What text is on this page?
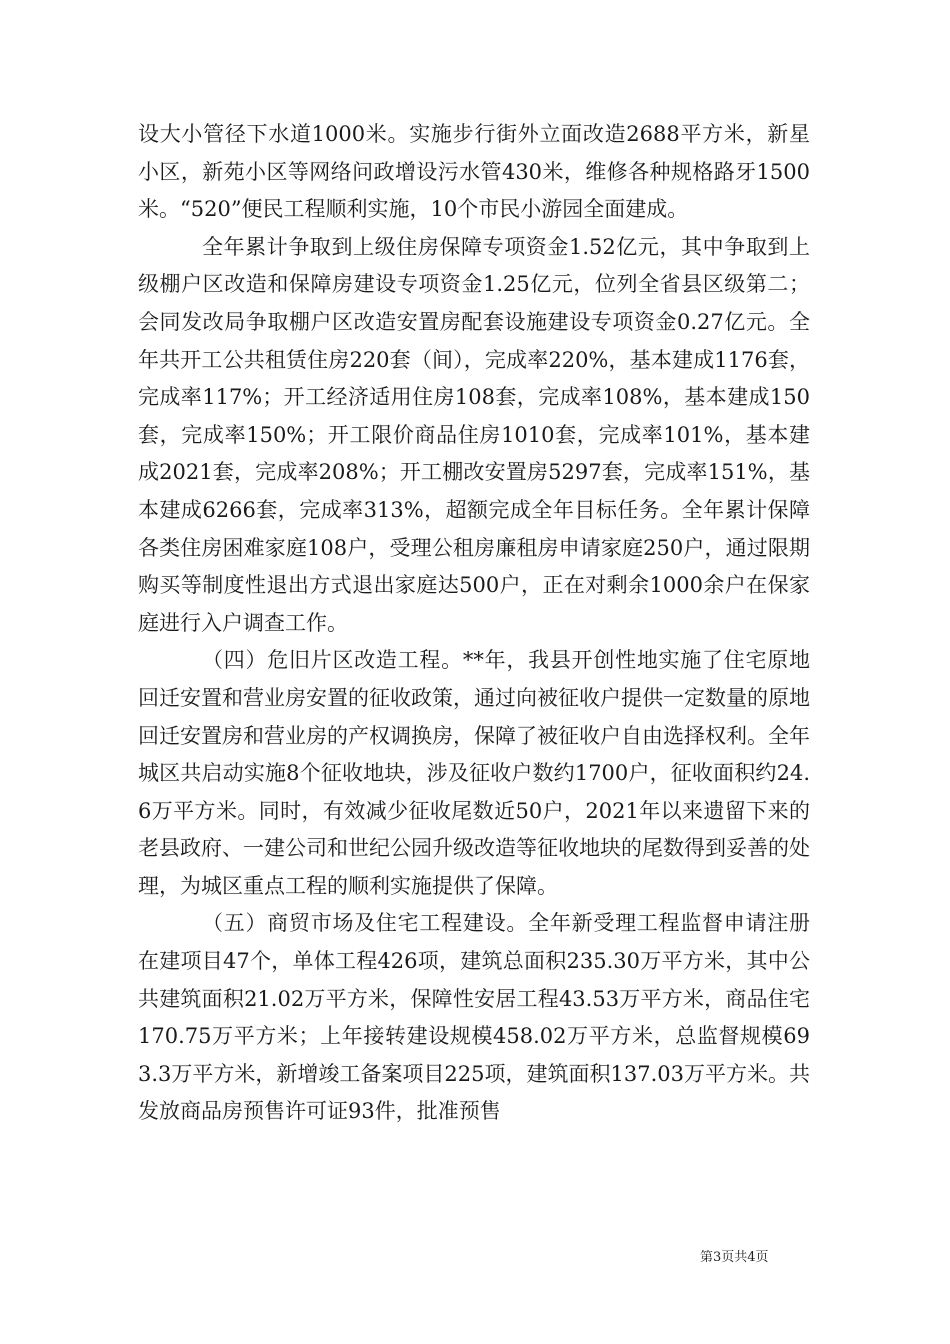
设大小管径下水道1000米。实施步行街外立面改造2688平方米，新星小区，新苑小区等网络问政增设污水管430米，维修各种规格路牙1500米。“520”便民工程顺利实施，10个市民小游园全面建成。

全年累计争取到上级住房保障专项资金1.52亿元，其中争取到上级棚户区改造和保障房建设专项资金1.25亿元，位列全省县区级第二；会同发改局争取棚户区改造安置房配套设施建设专项资金0.27亿元。全年共开工公共租赁住房220套（间），完成率220%，基本建成1176套，完成率117%；开工经济适用住房108套，完成率108%，基本建成150套，完成率150%；开工限价商品住房1010套，完成率101%，基本建成2021套，完成率208%；开工棚改安置房5297套，完成率151%，基本建成6266套，完成率313%，超额完成全年目标任务。全年累计保障各类住房困难家庭108户，受理公租房廉租房申请家庭250户，通过限期购买等制度性退出方式退出家庭达500户，正在对剩余1000余户在保家庭进行入户调查工作。

（四）危旧片区改造工程。**年，我县开创性地实施了住宅原地回迁安置和营业房安置的征收政策，通过向被征收户提供一定数量的原地回迁安置房和营业房的产权调换房，保障了被征收户自由选择权利。全年城区共启动实施8个征收地块，涉及征收户数约1700户，征收面积约24.6万平方米。同时，有效减少征收尾数近50户，2021年以来遗留下来的老县政府、一建公司和世纪公园升级改造等征收地块的尾数得到妥善的处理，为城区重点工程的顺利实施提供了保障。

（五）商贸市场及住宅工程建设。全年新受理工程监督申请注册在建项目47个，单体工程426项，建筑总面积235.30万平方米，其中公共建筑面积21.02万平方米，保障性安居工程43.53万平方米，商品住宅170.75万平方米；上年接转建设规模458.02万平方米，总监督规模693.3万平方米，新增竣工备案项目225项，建筑面积137.03万平方米。共发放商品房预售许可证93件，批准预售

第3页共4页
